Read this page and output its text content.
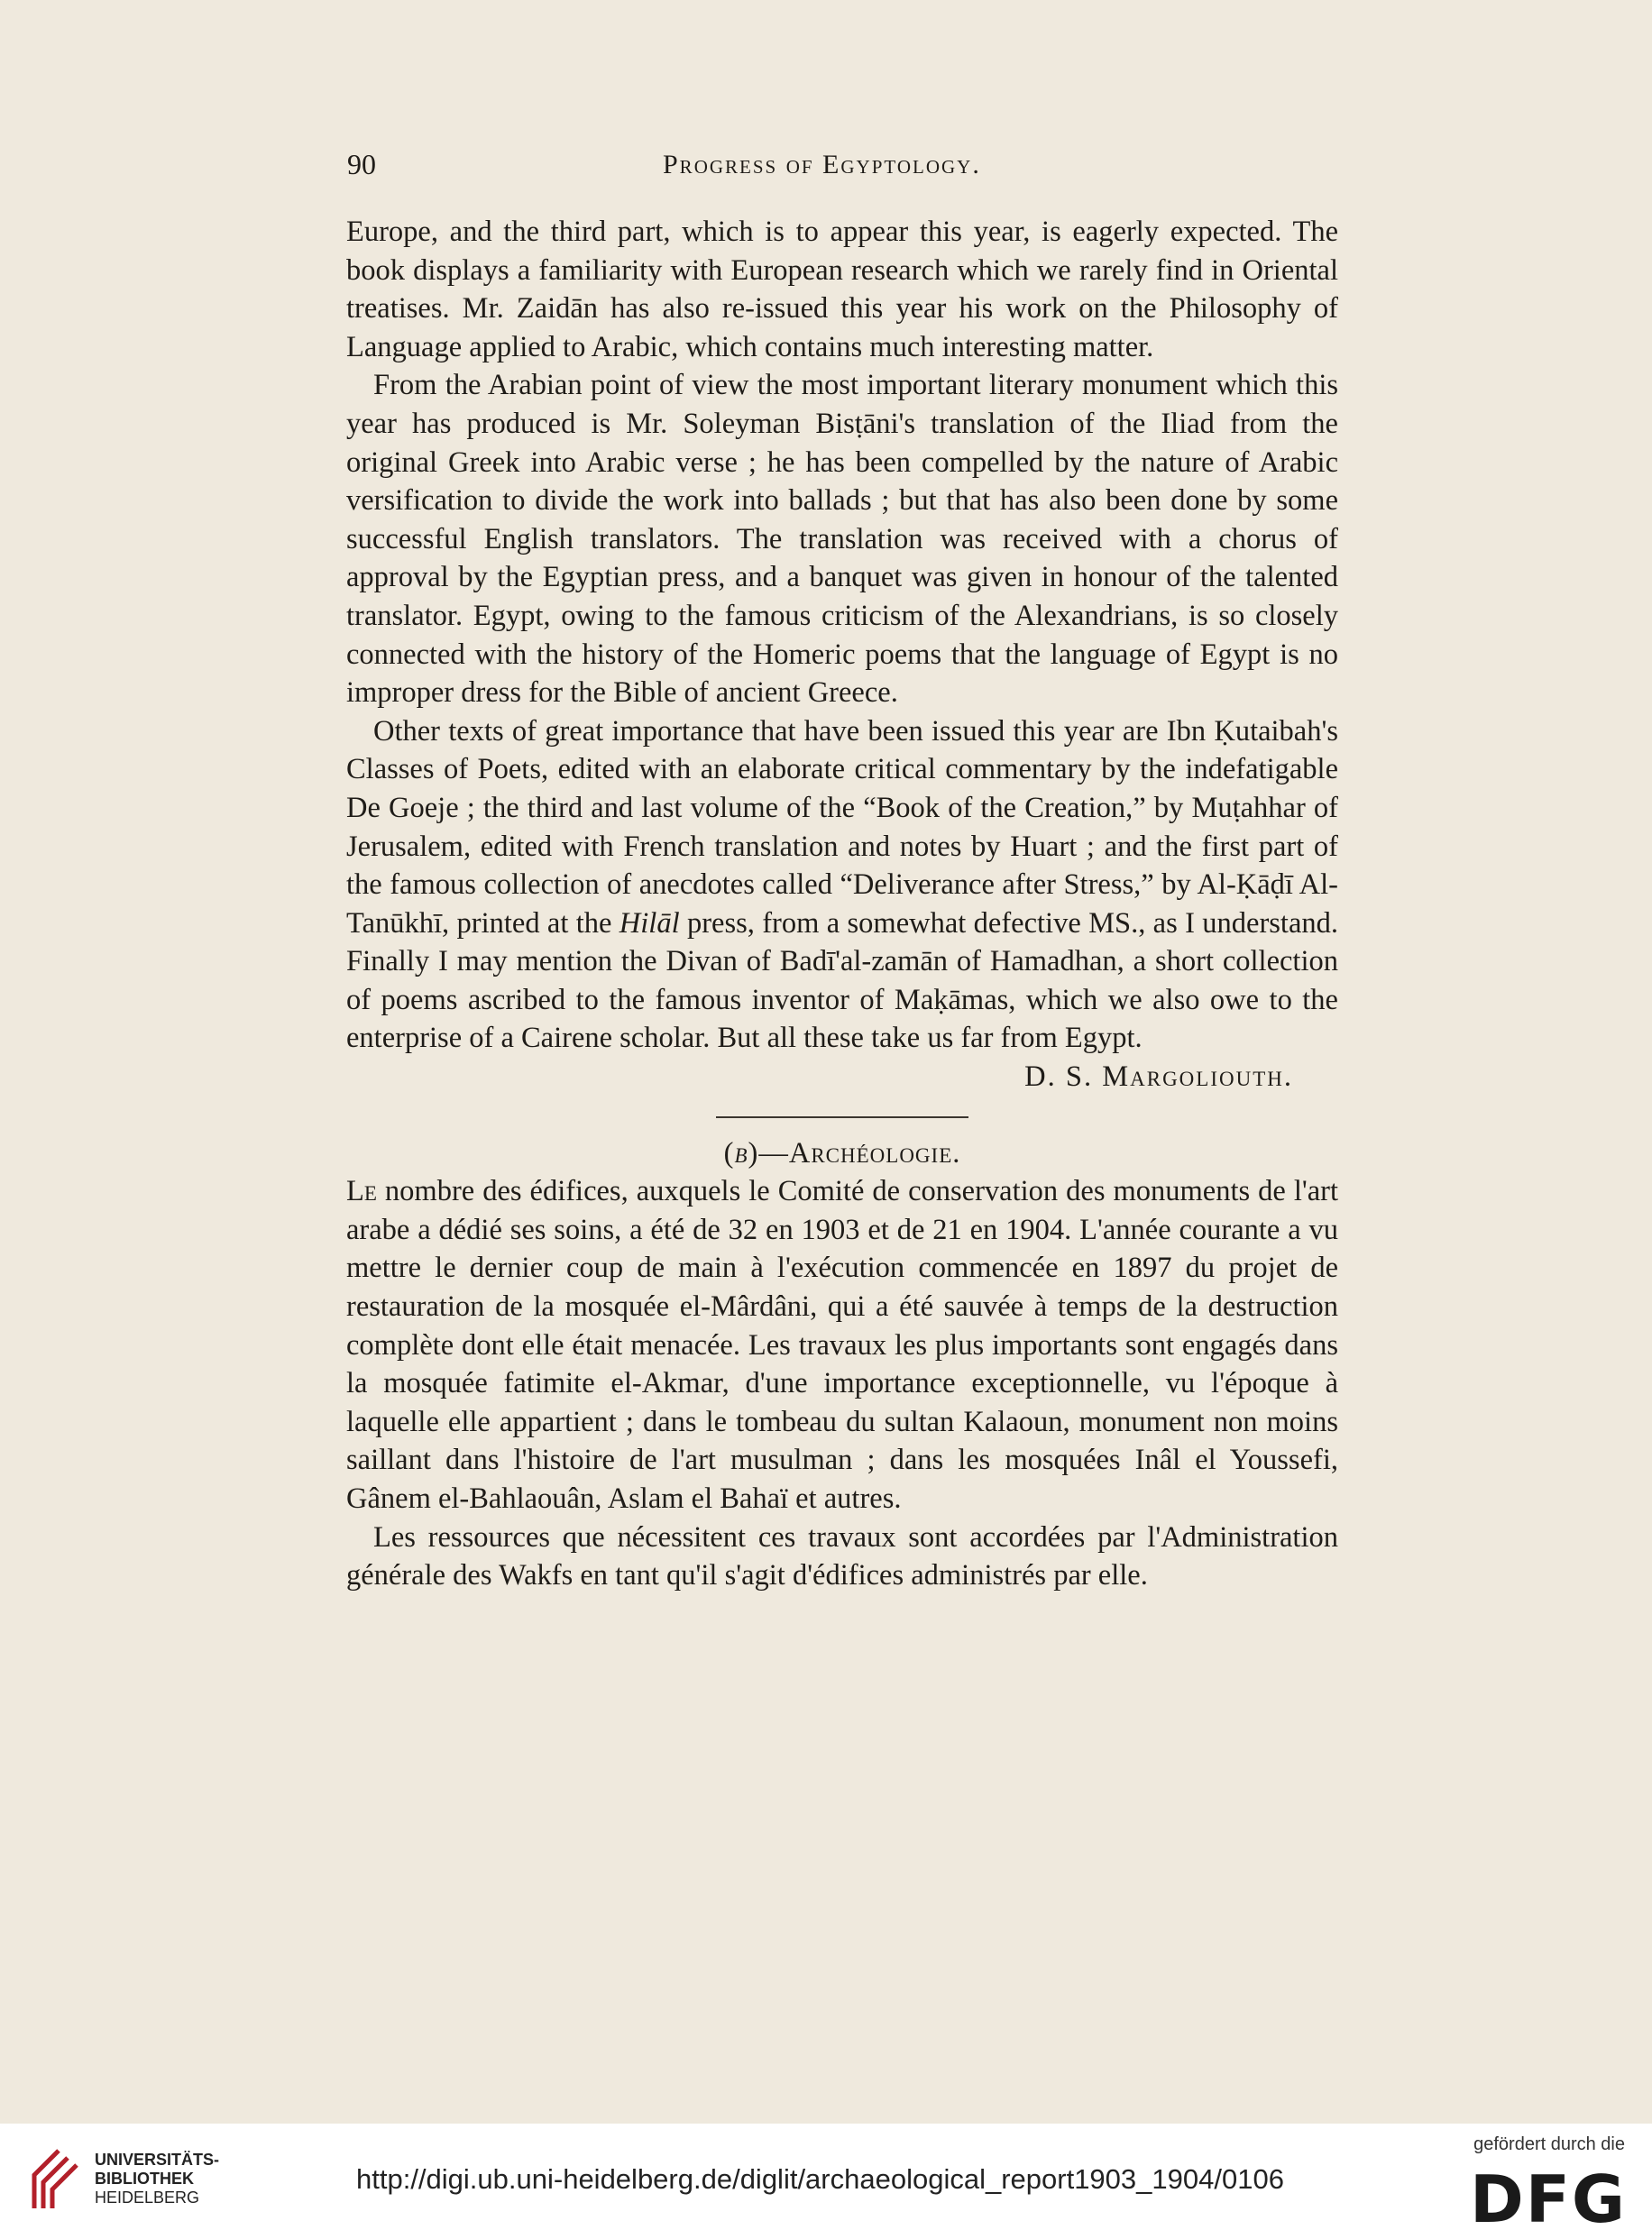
90	Progress of Egyptology.

Europe, and the third part, which is to appear this year, is eagerly expected. The book displays a familiarity with European research which we rarely find in Oriental treatises. Mr. Zaidān has also re-issued this year his work on the Philosophy of Language applied to Arabic, which contains much interesting matter.

From the Arabian point of view the most important literary monument which this year has produced is Mr. Soleyman Bisṭāni's translation of the Iliad from the original Greek into Arabic verse ; he has been compelled by the nature of Arabic versification to divide the work into ballads ; but that has also been done by some successful English translators. The translation was received with a chorus of approval by the Egyptian press, and a banquet was given in honour of the talented translator. Egypt, owing to the famous criticism of the Alexandrians, is so closely connected with the history of the Homeric poems that the language of Egypt is no improper dress for the Bible of ancient Greece.

Other texts of great importance that have been issued this year are Ibn Ḳutaibah's Classes of Poets, edited with an elaborate critical commentary by the indefatigable De Goeje ; the third and last volume of the “Book of the Creation,” by Muṭahhar of Jerusalem, edited with French translation and notes by Huart ; and the first part of the famous collection of anecdotes called “Deliverance after Stress,” by Al-Ḳāḍī Al-Tanūkhī, printed at the Hilāl press, from a somewhat defective MS., as I understand. Finally I may mention the Divan of Badī'al-zamān of Hamadhan, a short collection of poems ascribed to the famous inventor of Maḳāmas, which we also owe to the enterprise of a Cairene scholar. But all these take us far from Egypt.

D. S. Margoliouth.

(b)—Archéologie.

Le nombre des édifices, auxquels le Comité de conservation des monuments de l'art arabe a dédié ses soins, a été de 32 en 1903 et de 21 en 1904. L'année courante a vu mettre le dernier coup de main à l'exécution commencée en 1897 du projet de restauration de la mosquée el-Mârdâni, qui a été sauvée à temps de la destruction complète dont elle était menacée. Les travaux les plus importants sont engagés dans la mosquée fatimite el-Akmar, d'une importance exceptionnelle, vu l'époque à laquelle elle appartient ; dans le tombeau du sultan Kalaoun, monument non moins saillant dans l'histoire de l'art musulman ; dans les mosquées Inâl el Youssefi, Gânem el-Bahlaouân, Aslam el Bahaï et autres.

Les ressources que nécessitent ces travaux sont accordées par l'Administration générale des Wakfs en tant qu'il s'agit d'édifices administrés par elle.

UNIVERSITÄTS-
BIBLIOTHEK
HEIDELBERG
http://digi.ub.uni-heidelberg.de/diglit/archaeological_report1903_1904/0106
gefördert durch die
DFG
